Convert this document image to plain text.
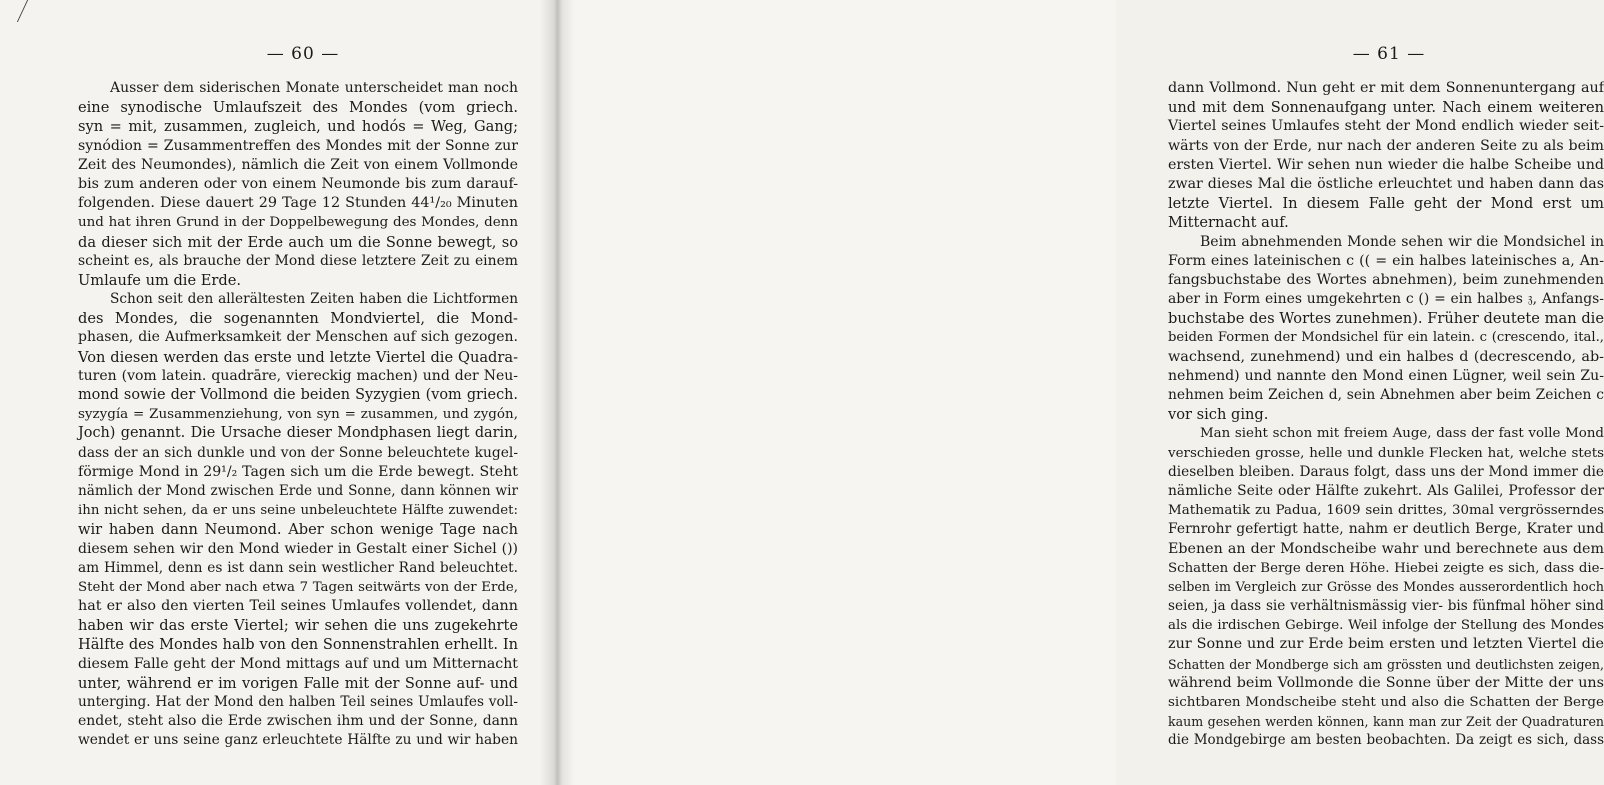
— 60 —
Ausser dem siderischen Monate unterscheidet man noch
eine synodische Umlaufszeit des Mondes (vom griech.
syn = mit, zusammen, zugleich, und hodós = Weg, Gang;
synódion = Zusammentreffen des Mondes mit der Sonne zur
Zeit des Neumondes), nämlich die Zeit von einem Vollmonde
bis zum anderen oder von einem Neumonde bis zum darauf-
folgenden. Diese dauert 29 Tage 12 Stunden 44¹/₂₀ Minuten
und hat ihren Grund in der Doppelbewegung des Mondes, denn
da dieser sich mit der Erde auch um die Sonne bewegt, so
scheint es, als brauche der Mond diese letztere Zeit zu einem
Umlaufe um die Erde.
Schon seit den allerältesten Zeiten haben die Lichtformen
des Mondes, die sogenannten Mondviertel, die Mond-
phasen, die Aufmerksamkeit der Menschen auf sich gezogen.
Von diesen werden das erste und letzte Viertel die Quadra-
turen (vom latein. quadrāre, viereckig machen) und der Neu-
mond sowie der Vollmond die beiden Syzygien (vom griech.
syzygía = Zusammenziehung, von syn = zusammen, und zygón,
Joch) genannt. Die Ursache dieser Mondphasen liegt darin,
dass der an sich dunkle und von der Sonne beleuchtete kugel-
förmige Mond in 29¹/₂ Tagen sich um die Erde bewegt. Steht
nämlich der Mond zwischen Erde und Sonne, dann können wir
ihn nicht sehen, da er uns seine unbeleuchtete Hälfte zuwendet:
wir haben dann Neumond. Aber schon wenige Tage nach
diesem sehen wir den Mond wieder in Gestalt einer Sichel ())
am Himmel, denn es ist dann sein westlicher Rand beleuchtet.
Steht der Mond aber nach etwa 7 Tagen seitwärts von der Erde,
hat er also den vierten Teil seines Umlaufes vollendet, dann
haben wir das erste Viertel; wir sehen die uns zugekehrte
Hälfte des Mondes halb von den Sonnenstrahlen erhellt. In
diesem Falle geht der Mond mittags auf und um Mitternacht
unter, während er im vorigen Falle mit der Sonne auf- und
unterging. Hat der Mond den halben Teil seines Umlaufes voll-
endet, steht also die Erde zwischen ihm und der Sonne, dann
wendet er uns seine ganz erleuchtete Hälfte zu und wir haben
— 61 —
dann Vollmond. Nun geht er mit dem Sonnenuntergang auf
und mit dem Sonnenaufgang unter. Nach einem weiteren
Viertel seines Umlaufes steht der Mond endlich wieder seit-
wärts von der Erde, nur nach der anderen Seite zu als beim
ersten Viertel. Wir sehen nun wieder die halbe Scheibe und
zwar dieses Mal die östliche erleuchtet und haben dann das
letzte Viertel. In diesem Falle geht der Mond erst um
Mitternacht auf.
Beim abnehmenden Monde sehen wir die Mondsichel in
Form eines lateinischen c (( = ein halbes lateinisches a, An-
fangsbuchstabe des Wortes abnehmen), beim zunehmenden
aber in Form eines umgekehrten c () = ein halbes 𝔷, Anfangs-
buchstabe des Wortes zunehmen). Früher deutete man die
beiden Formen der Mondsichel für ein latein. c (crescendo, ital.,
wachsend, zunehmend) und ein halbes d (decrescendo, ab-
nehmend) und nannte den Mond einen Lügner, weil sein Zu-
nehmen beim Zeichen d, sein Abnehmen aber beim Zeichen c
vor sich ging.
Man sieht schon mit freiem Auge, dass der fast volle Mond
verschieden grosse, helle und dunkle Flecken hat, welche stets
dieselben bleiben. Daraus folgt, dass uns der Mond immer die
nämliche Seite oder Hälfte zukehrt. Als Galilei, Professor der
Mathematik zu Padua, 1609 sein drittes, 30mal vergrösserndes
Fernrohr gefertigt hatte, nahm er deutlich Berge, Krater und
Ebenen an der Mondscheibe wahr und berechnete aus dem
Schatten der Berge deren Höhe. Hiebei zeigte es sich, dass die-
selben im Vergleich zur Grösse des Mondes ausserordentlich hoch
seien, ja dass sie verhältnismässig vier- bis fünfmal höher sind
als die irdischen Gebirge. Weil infolge der Stellung des Mondes
zur Sonne und zur Erde beim ersten und letzten Viertel die
Schatten der Mondberge sich am grössten und deutlichsten zeigen,
während beim Vollmonde die Sonne über der Mitte der uns
sichtbaren Mondscheibe steht und also die Schatten der Berge
kaum gesehen werden können, kann man zur Zeit der Quadraturen
die Mondgebirge am besten beobachten. Da zeigt es sich, dass
